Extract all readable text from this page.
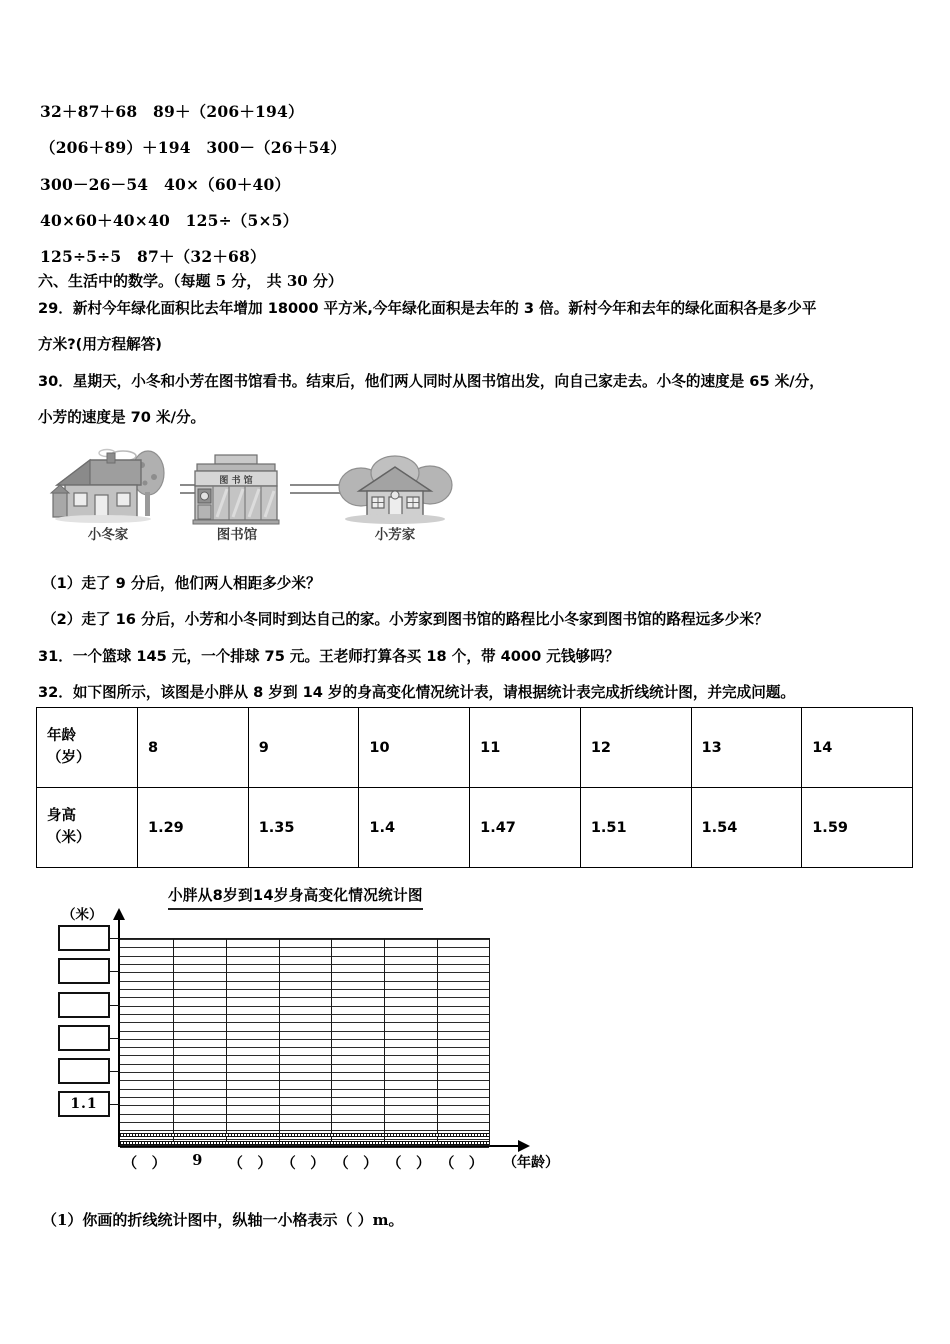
32＋87＋68　89＋（206＋194）
（206＋89）＋194　300－（26＋54）
300－26－54　40×（60＋40）
40×60＋40×40　125÷（5×5）
125÷5÷5　87＋（32＋68）
六、生活中的数学。（每题 5 分， 共 30 分）
29．新村今年绿化面积比去年增加 18000 平方米,今年绿化面积是去年的 3 倍。新村今年和去年的绿化面积各是多少平
方米?(用方程解答)
30．星期天，小冬和小芳在图书馆看书。结束后，他们两人同时从图书馆出发，向自己家走去。小冬的速度是 65 米/分，
小芳的速度是 70 米/分。
小冬家
图 书 馆
图书馆	小芳家
（1）走了 9 分后，他们两人相距多少米？
（2）走了 16 分后，小芳和小冬同时到达自己的家。小芳家到图书馆的路程比小冬家到图书馆的路程远多少米？
31．一个篮球 145 元，一个排球 75 元。王老师打算各买 18 个，带 4000 元钱够吗？
32．如下图所示，该图是小胖从 8 岁到 14 岁的身高变化情况统计表，请根据统计表完成折线统计图，并完成问题。
年龄
（岁）	8	9	10	11	12	13	14

身高
（米）	1.29	1.35	1.4	1.47	1.51	1.54	1.59
小胖从8岁到14岁身高变化情况统计图
（米）
1.1
（　）	9	（　） （　） （　） （　） （　）	（年龄）
（1）你画的折线统计图中，纵轴一小格表示（ ）m。
